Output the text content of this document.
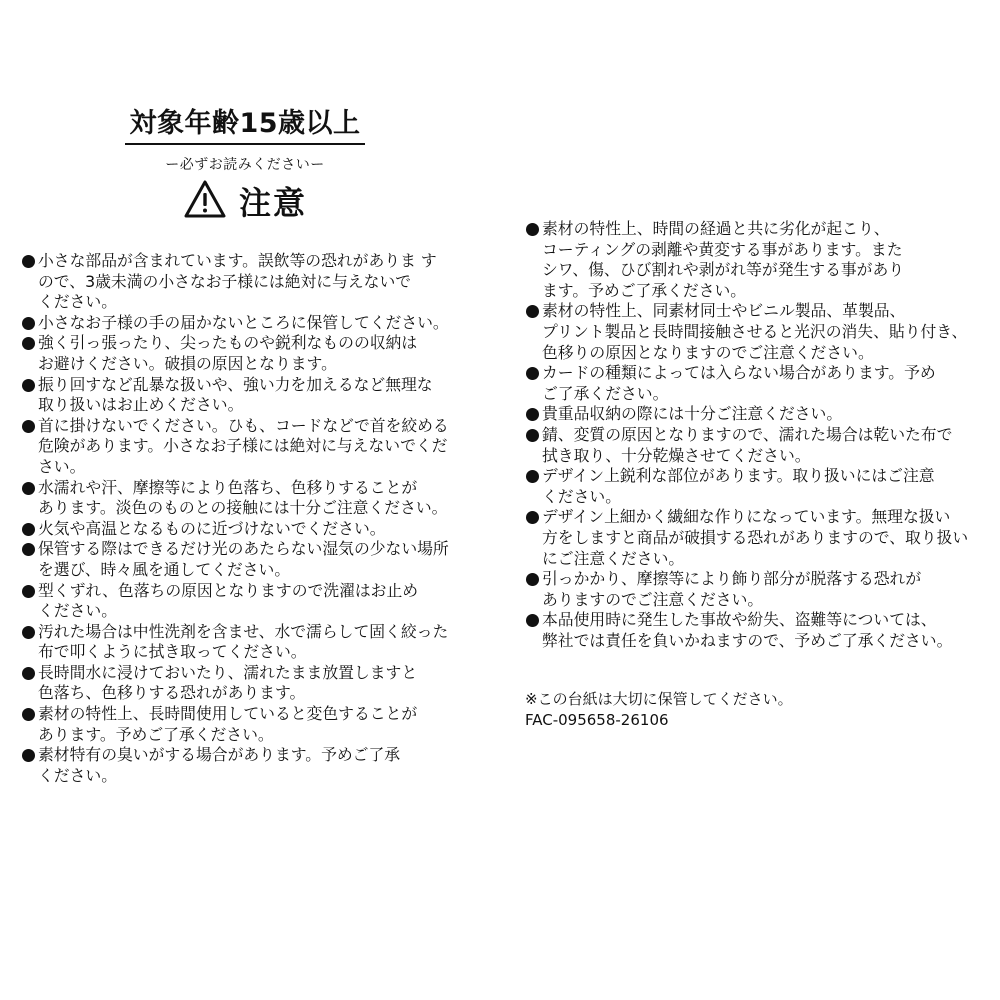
対象年齢15歳以上
ー必ずお読みくださいー
注意
小さな部品が含まれています。誤飲等の恐れがありま す
ので、3歳未満の小さなお子様には絶対に与えないで
ください。
小さなお子様の手の届かないところに保管してください。
強く引っ張ったり、尖ったものや鋭利なものの収納は
お避けください。破損の原因となります。
振り回すなど乱暴な扱いや、強い力を加えるなど無理な
取り扱いはお止めください。
首に掛けないでください。ひも、コードなどで首を絞める
危険があります。小さなお子様には絶対に与えないでくだ
さい。
水濡れや汗、摩擦等により色落ち、色移りすることが
あります。淡色のものとの接触には十分ご注意ください。
火気や高温となるものに近づけないでください。
保管する際はできるだけ光のあたらない湿気の少ない場所
を選び、時々風を通してください。
型くずれ、色落ちの原因となりますので洗濯はお止め
ください。
汚れた場合は中性洗剤を含ませ、水で濡らして固く絞った
布で叩くように拭き取ってください。
長時間水に浸けておいたり、濡れたまま放置しますと
色落ち、色移りする恐れがあります。
素材の特性上、長時間使用していると変色することが
あります。予めご了承ください。
素材特有の臭いがする場合があります。予めご了承
ください。
素材の特性上、時間の経過と共に劣化が起こり、
コーティングの剥離や黄変する事があります。また
シワ、傷、ひび割れや剥がれ等が発生する事があり
ます。予めご了承ください。
素材の特性上、同素材同士やビニル製品、革製品、
プリント製品と長時間接触させると光沢の消失、貼り付き、
色移りの原因となりますのでご注意ください。
カードの種類によっては入らない場合があります。予め
ご了承ください。
貴重品収納の際には十分ご注意ください。
錆、変質の原因となりますので、濡れた場合は乾いた布で
拭き取り、十分乾燥させてください。
デザイン上鋭利な部位があります。取り扱いにはご注意
ください。
デザイン上細かく繊細な作りになっています。無理な扱い
方をしますと商品が破損する恐れがありますので、取り扱い
にご注意ください。
引っかかり、摩擦等により飾り部分が脱落する恐れが
ありますのでご注意ください。
本品使用時に発生した事故や紛失、盗難等については、
弊社では責任を負いかねますので、予めご了承ください。
※この台紙は大切に保管してください。
FAC-095658-26106
